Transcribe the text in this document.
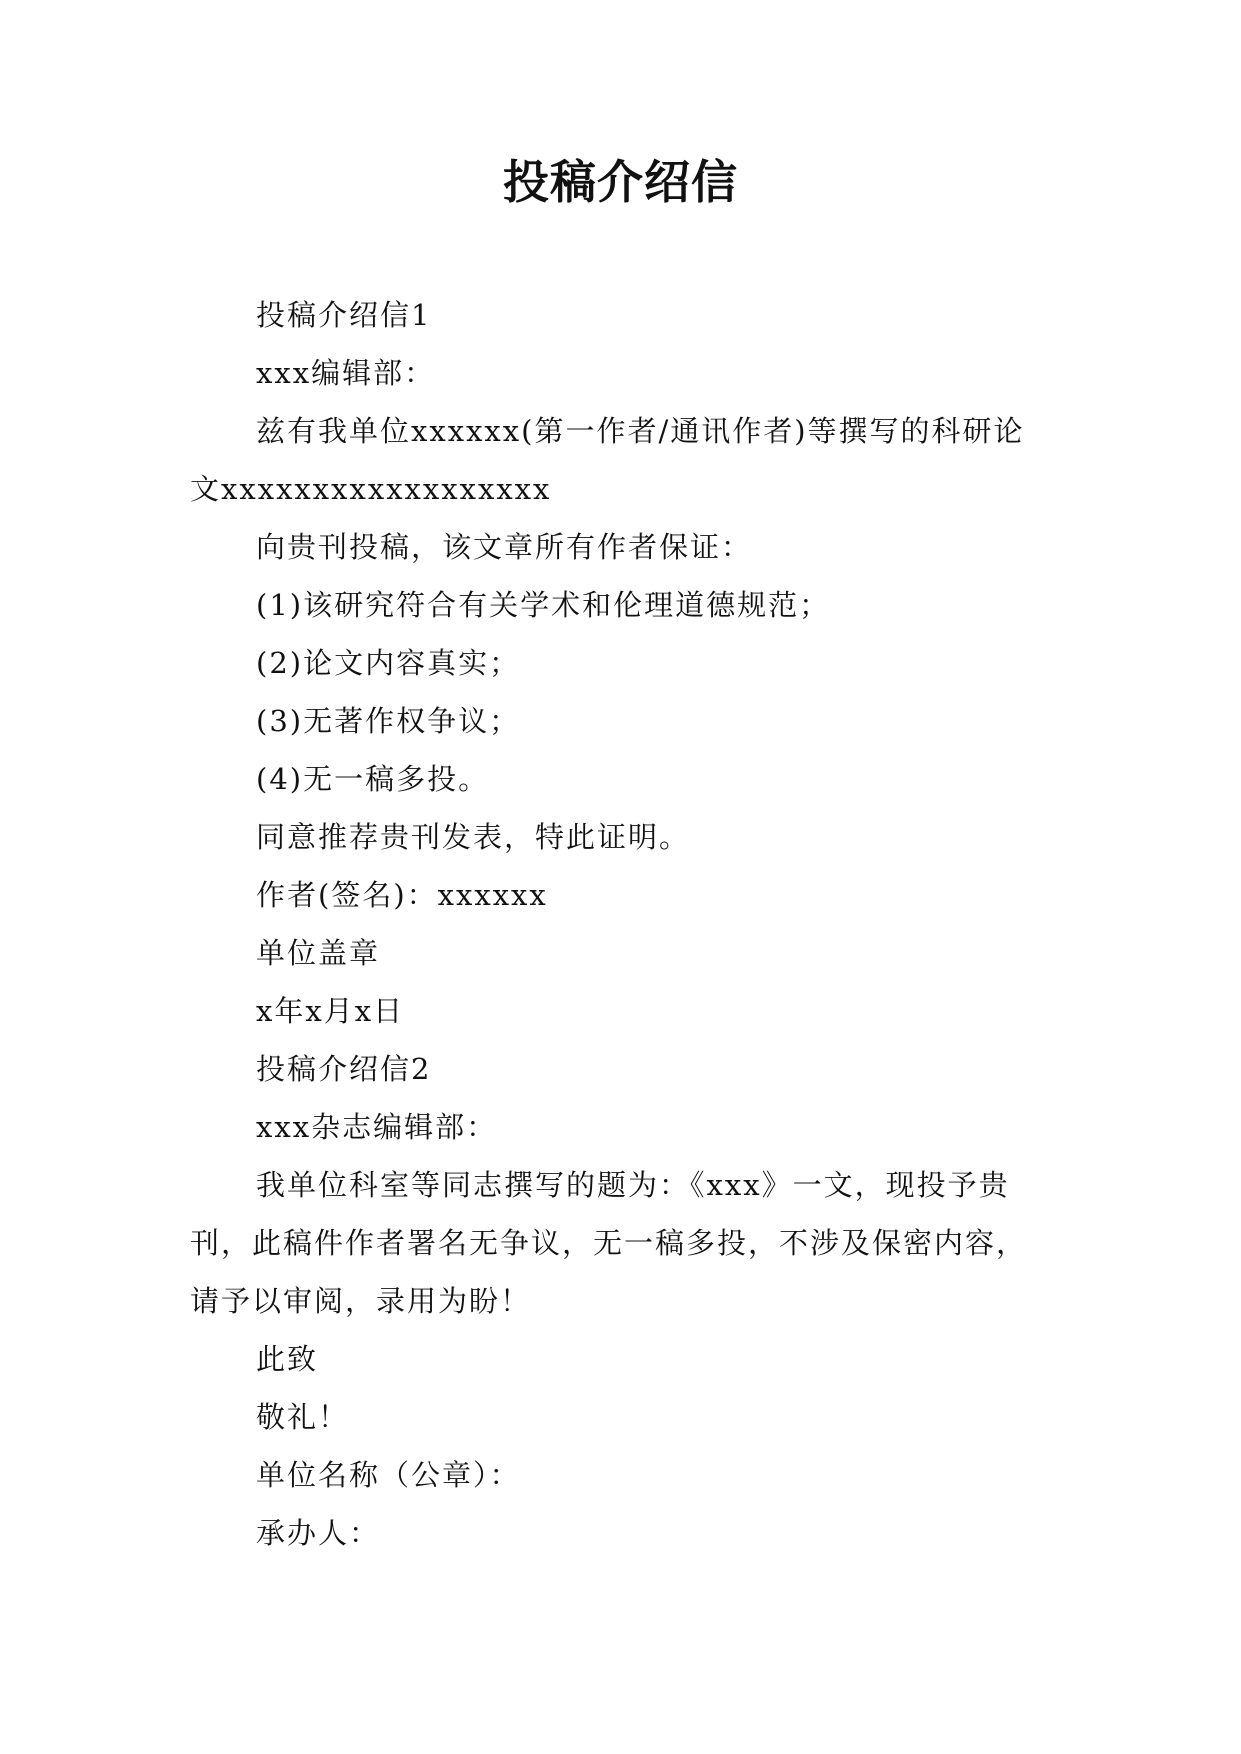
投稿介绍信

投稿介绍信1

xxx编辑部：

兹有我单位xxxxxx(第一作者/通讯作者)等撰写的科研论文xxxxxxxxxxxxxxxxxx

向贵刊投稿，该文章所有作者保证：

(1)该研究符合有关学术和伦理道德规范；

(2)论文内容真实；

(3)无著作权争议；

(4)无一稿多投。

同意推荐贵刊发表，特此证明。

作者(签名)：xxxxxx

单位盖章

x年x月x日

投稿介绍信2

xxx杂志编辑部：

我单位科室等同志撰写的题为：《xxx》一文，现投予贵刊，此稿件作者署名无争议，无一稿多投，不涉及保密内容，请予以审阅，录用为盼！

此致

敬礼！

单位名称（公章）：

承办人：
